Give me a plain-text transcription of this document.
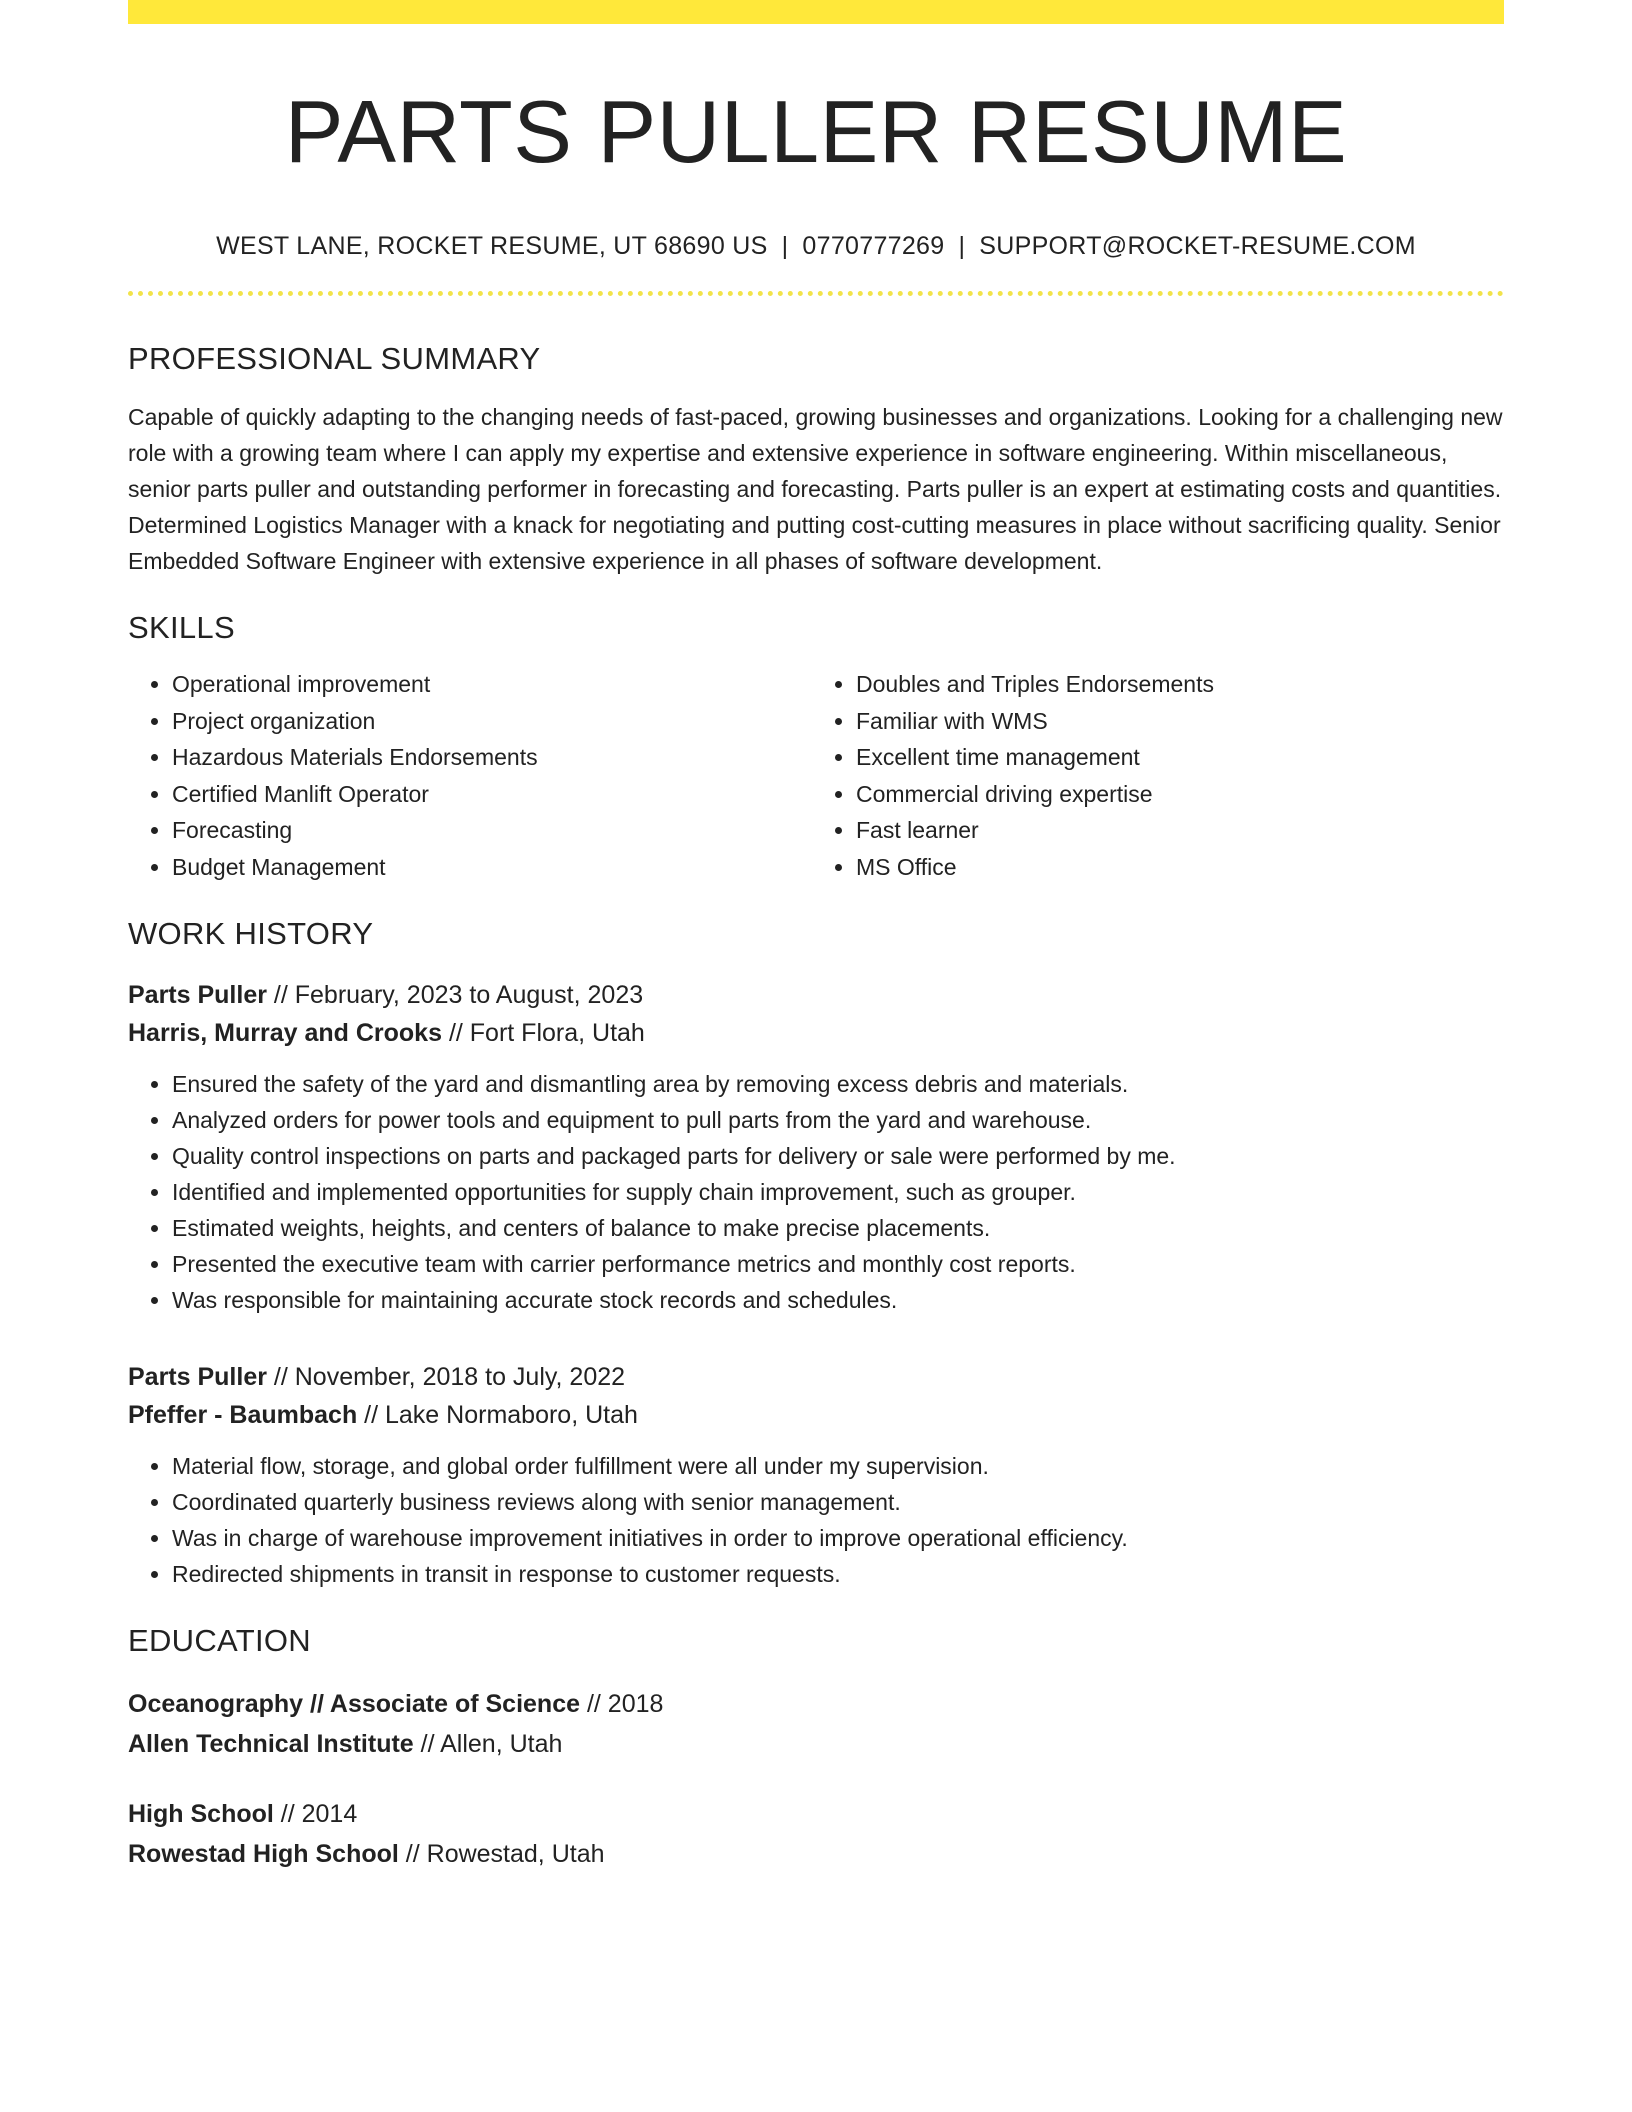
PARTS PULLER RESUME
WEST LANE, ROCKET RESUME, UT 68690 US | 0770777269 | SUPPORT@ROCKET-RESUME.COM
PROFESSIONAL SUMMARY
Capable of quickly adapting to the changing needs of fast-paced, growing businesses and organizations. Looking for a challenging new role with a growing team where I can apply my expertise and extensive experience in software engineering. Within miscellaneous, senior parts puller and outstanding performer in forecasting and forecasting. Parts puller is an expert at estimating costs and quantities. Determined Logistics Manager with a knack for negotiating and putting cost-cutting measures in place without sacrificing quality. Senior Embedded Software Engineer with extensive experience in all phases of software development.
SKILLS
• Operational improvement
• Project organization
• Hazardous Materials Endorsements
• Certified Manlift Operator
• Forecasting
• Budget Management
• Doubles and Triples Endorsements
• Familiar with WMS
• Excellent time management
• Commercial driving expertise
• Fast learner
• MS Office
WORK HISTORY
Parts Puller // February, 2023 to August, 2023
Harris, Murray and Crooks // Fort Flora, Utah
• Ensured the safety of the yard and dismantling area by removing excess debris and materials.
• Analyzed orders for power tools and equipment to pull parts from the yard and warehouse.
• Quality control inspections on parts and packaged parts for delivery or sale were performed by me.
• Identified and implemented opportunities for supply chain improvement, such as grouper.
• Estimated weights, heights, and centers of balance to make precise placements.
• Presented the executive team with carrier performance metrics and monthly cost reports.
• Was responsible for maintaining accurate stock records and schedules.
Parts Puller // November, 2018 to July, 2022
Pfeffer - Baumbach // Lake Normaboro, Utah
• Material flow, storage, and global order fulfillment were all under my supervision.
• Coordinated quarterly business reviews along with senior management.
• Was in charge of warehouse improvement initiatives in order to improve operational efficiency.
• Redirected shipments in transit in response to customer requests.
EDUCATION
Oceanography // Associate of Science // 2018
Allen Technical Institute // Allen, Utah
High School // 2014
Rowestad High School // Rowestad, Utah
